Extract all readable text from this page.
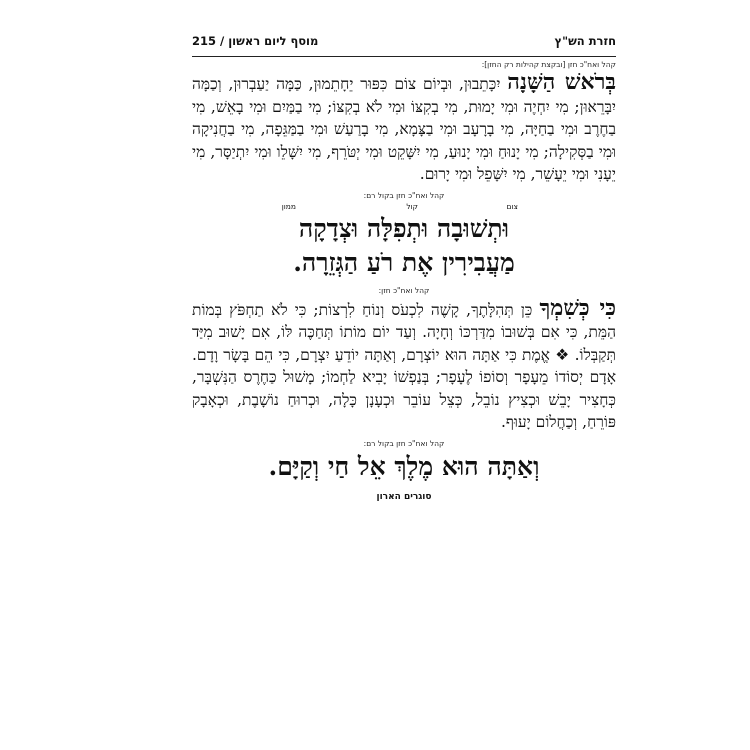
חזרת הש"ץ
מוסף ליום ראשון / 215
קהל ואח"כ חזן [ובקצת קהילות רק החזן]:

בְּרֹאשׁ הַשָּׁנָה יִכָּתֵבוּן, וּבְיוֹם צוֹם כִּפּוּר יֵחָתֵמוּן, כַּמָּה יַעַבְרוּן, וְכַמָּה יִבָּרֵאוּן; מִי יִחְיֶה וּמִי יָמוּת, מִי בְקִצּוֹ וּמִי לֹא בְקִצּוֹ; מִי בַמַּיִם וּמִי בָאֵשׁ, מִי בַחֶרֶב וּמִי בַחַיָּה, מִי בָרָעָב וּמִי בַצָּמָא, מִי בָרַעַשׁ וּמִי בַמַּגֵּפָה, מִי בַחֲנִיקָה וּמִי בַסְּקִילָה; מִי יָנוּחַ וּמִי יָנוּעַ, מִי יִשָּׁקֵט וּמִי יְטֹּרֵף, מִי יִשָּׁלֵו וּמִי יִתְיַסָּר, מִי יֵעָנִי וּמִי יֵעָשֵׁר, מִי יִשָּׁפֵל וּמִי יָרוּם.

קהל ואח"כ חזן בקול רם:
צום
קול
ממון

וּתְשׁוּבָה וּתְפִלָּה וּצְדָקָה

מַעֲבִירִין אֶת רֹעַ הַגְּזֵרָה.

קהל ואח"כ חזן:

כִּי כְּשִׁמְךָ כֵּן תְּהִלָּתֶךָ, קָשֶׁה לִכְעֹס וְנוֹחַ לִרְצוֹת; כִּי לֹא תַחְפֹּץ בְּמוֹת הַמֵּת, כִּי אִם בְּשׁוּבוֹ מִדַּרְכּוֹ וְחָיָה. וְעַד יוֹם מוֹתוֹ תְּחַכֶּה לּוֹ, אִם יָשׁוּב מִיַּד תְּקַבְּלוֹ. ❖ אֱמֶת כִּי אַתָּה הוּא יוֹצְרָם, וְאַתָּה יוֹדֵעַ יִצְרָם, כִּי הֵם בָּשָׂר וָדָם. אָדָם יְסוֹדוֹ מֵעָפָר וְסוֹפוֹ לֶעָפָר; בְּנַפְשׁוֹ יָבִיא לַחְמוֹ; מָשׁוּל כַּחֶרֶס הַנִּשְׁבָּר, כְּחָצִיר יָבֵשׁ וּכְצִיץ נוֹבֵל, כְּצֵל עוֹבֵר וּכְעָנָן כָּלָה, וּכְרוּחַ נוֹשָׁבֶת, וּכְאָבָק פּוֹרֵחַ, וְכַחֲלוֹם יָעוּף.

קהל ואח"כ חזן בקול רם:

וְאַתָּה הוּא מֶלֶךְ אֵל חַי וְקַיָּם.

סוגרים הארון
